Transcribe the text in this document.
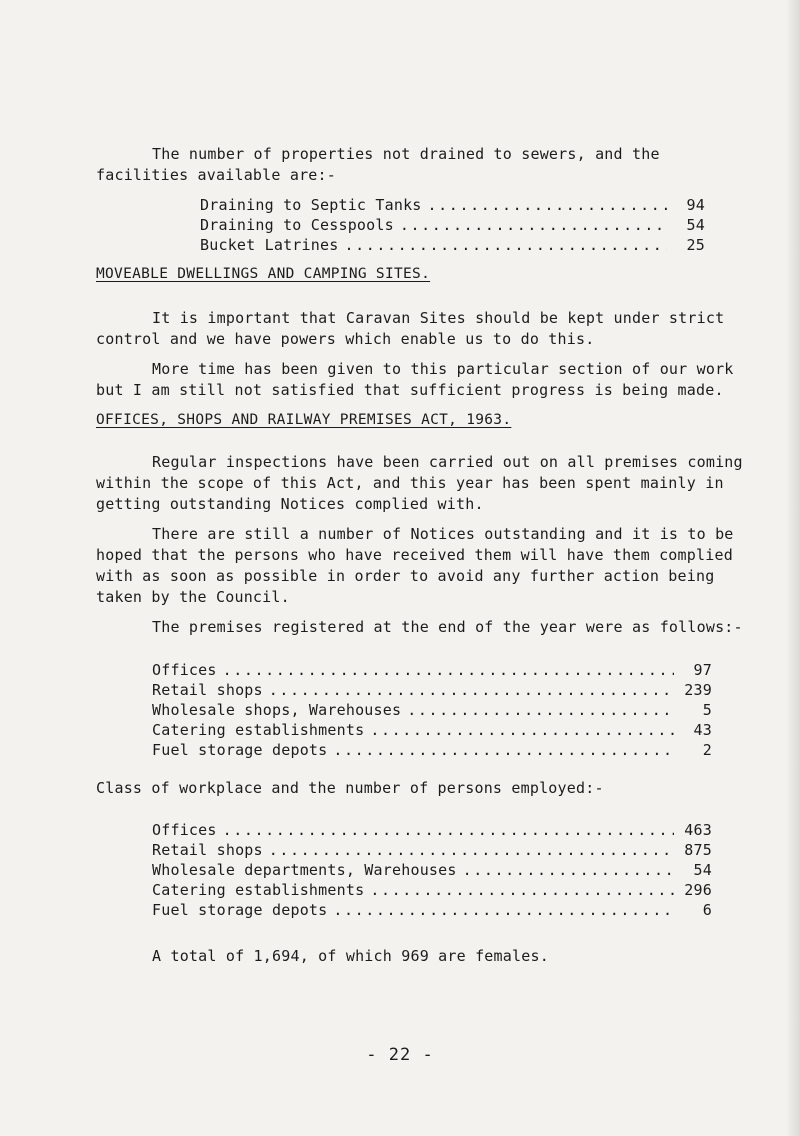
The number of properties not drained to sewers, and the facilities available are:-

Draining to Septic Tanks .....	94
Draining to Cesspools .....	54
Bucket Latrines .....	25

MOVEABLE DWELLINGS AND CAMPING SITES.

It is important that Caravan Sites should be kept under strict control and we have powers which enable us to do this.

More time has been given to this particular section of our work but I am still not satisfied that sufficient progress is being made.

OFFICES, SHOPS AND RAILWAY PREMISES ACT, 1963.

Regular inspections have been carried out on all premises coming within the scope of this Act, and this year has been spent mainly in getting outstanding Notices complied with.

There are still a number of Notices outstanding and it is to be hoped that the persons who have received them will have them complied with as soon as possible in order to avoid any further action being taken by the Council.

The premises registered at the end of the year were as follows:-

Offices .....	97
Retail shops .....	239
Wholesale shops, Warehouses .....	5
Catering establishments .....	43
Fuel storage depots .....	2

Class of workplace and the number of persons employed:-

Offices .....	463
Retail shops .....	875
Wholesale departments, Warehouses .....	54
Catering establishments .....	296
Fuel storage depots .....	6

A total of 1,694, of which 969 are females.

- 22 -
